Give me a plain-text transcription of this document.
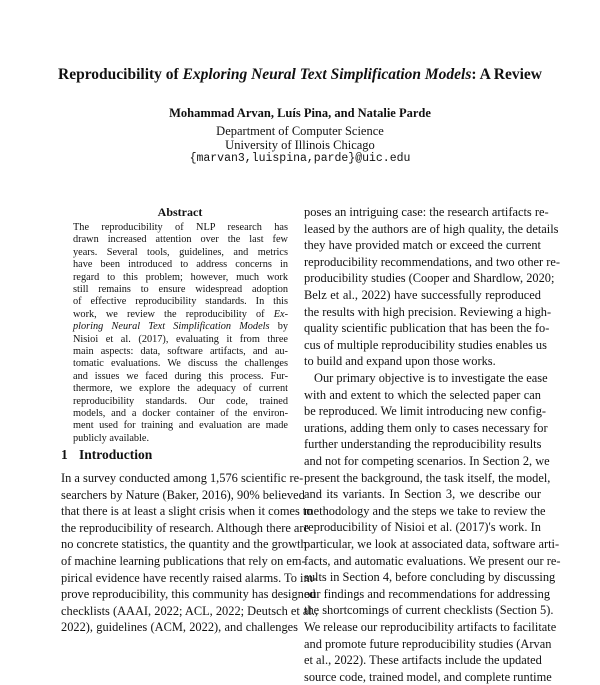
Reproducibility of Exploring Neural Text Simplification Models: A Review
Mohammad Arvan, Luís Pina, and Natalie Parde
Department of Computer Science
University of Illinois Chicago
{marvan3,luispina,parde}@uic.edu
Abstract
The reproducibility of NLP research has
drawn increased attention over the last few
years. Several tools, guidelines, and metrics
have been introduced to address concerns in
regard to this problem; however, much work
still remains to ensure widespread adoption
of effective reproducibility standards. In this
work, we review the reproducibility of Ex-
ploring Neural Text Simplification Models by
Nisioi et al. (2017), evaluating it from three
main aspects: data, software artifacts, and au-
tomatic evaluations. We discuss the challenges
and issues we faced during this process. Fur-
thermore, we explore the adequacy of current
reproducibility standards. Our code, trained
models, and a docker container of the environ-
ment used for training and evaluation are made
publicly available.
1 Introduction
In a survey conducted among 1,576 scientific re-
searchers by Nature (Baker, 2016), 90% believed
that there is at least a slight crisis when it comes to
the reproducibility of research. Although there are
no concrete statistics, the quantity and the growth
of machine learning publications that rely on em-
pirical evidence have recently raised alarms. To im-
prove reproducibility, this community has designed
checklists (AAAI, 2022; ACL, 2022; Deutsch et al.,
2022), guidelines (ACM, 2022), and challenges
poses an intriguing case: the research artifacts re-
leased by the authors are of high quality, the details
they have provided match or exceed the current
reproducibility recommendations, and two other re-
producibility studies (Cooper and Shardlow, 2020;
Belz et al., 2022) have successfully reproduced
the results with high precision. Reviewing a high-
quality scientific publication that has been the fo-
cus of multiple reproducibility studies enables us
to build and expand upon those works.
Our primary objective is to investigate the ease
with and extent to which the selected paper can
be reproduced. We limit introducing new config-
urations, adding them only to cases necessary for
further understanding the reproducibility results
and not for competing scenarios. In Section 2, we
present the background, the task itself, the model,
and its variants. In Section 3, we describe our
methodology and the steps we take to review the
reproducibility of Nisioi et al. (2017)'s work. In
particular, we look at associated data, software arti-
facts, and automatic evaluations. We present our re-
sults in Section 4, before concluding by discussing
our findings and recommendations for addressing
the shortcomings of current checklists (Section 5).
We release our reproducibility artifacts to facilitate
and promote future reproducibility studies (Arvan
et al., 2022). These artifacts include the updated
source code, trained model, and complete runtime
